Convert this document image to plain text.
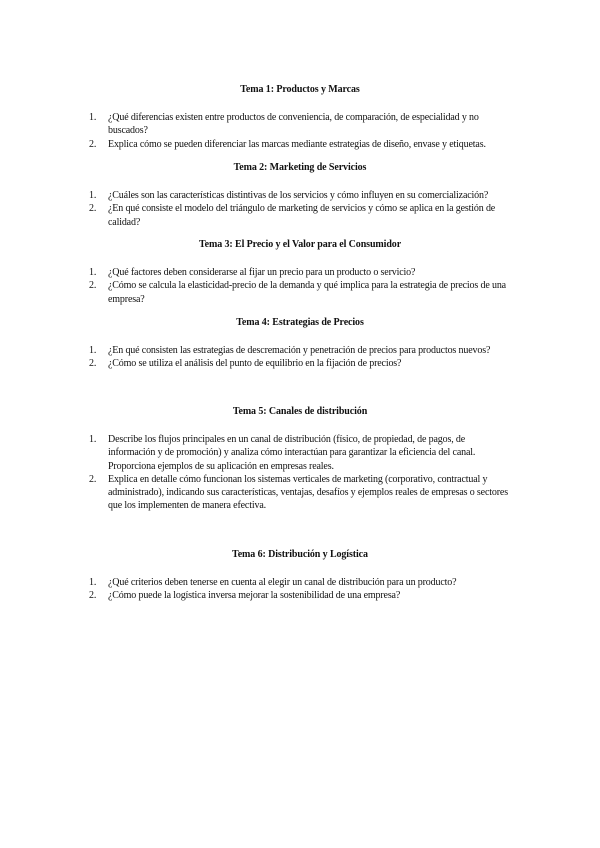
Tema 1: Productos y Marcas

1. ¿Qué diferencias existen entre productos de conveniencia, de comparación, de especialidad y no buscados?
2. Explica cómo se pueden diferenciar las marcas mediante estrategias de diseño, envase y etiquetas.

Tema 2: Marketing de Servicios

1. ¿Cuáles son las características distintivas de los servicios y cómo influyen en su comercialización?
2. ¿En qué consiste el modelo del triángulo de marketing de servicios y cómo se aplica en la gestión de calidad?

Tema 3: El Precio y el Valor para el Consumidor

1. ¿Qué factores deben considerarse al fijar un precio para un producto o servicio?
2. ¿Cómo se calcula la elasticidad-precio de la demanda y qué implica para la estrategia de precios de una empresa?

Tema 4: Estrategias de Precios

1. ¿En qué consisten las estrategias de descremación y penetración de precios para productos nuevos?
2. ¿Cómo se utiliza el análisis del punto de equilibrio en la fijación de precios?

Tema 5: Canales de distribución

1. Describe los flujos principales en un canal de distribución (físico, de propiedad, de pagos, de información y de promoción) y analiza cómo interactúan para garantizar la eficiencia del canal. Proporciona ejemplos de su aplicación en empresas reales.
2. Explica en detalle cómo funcionan los sistemas verticales de marketing (corporativo, contractual y administrado), indicando sus características, ventajas, desafíos y ejemplos reales de empresas o sectores que los implementen de manera efectiva.

Tema 6: Distribución y Logística

1. ¿Qué criterios deben tenerse en cuenta al elegir un canal de distribución para un producto?
2. ¿Cómo puede la logística inversa mejorar la sostenibilidad de una empresa?
